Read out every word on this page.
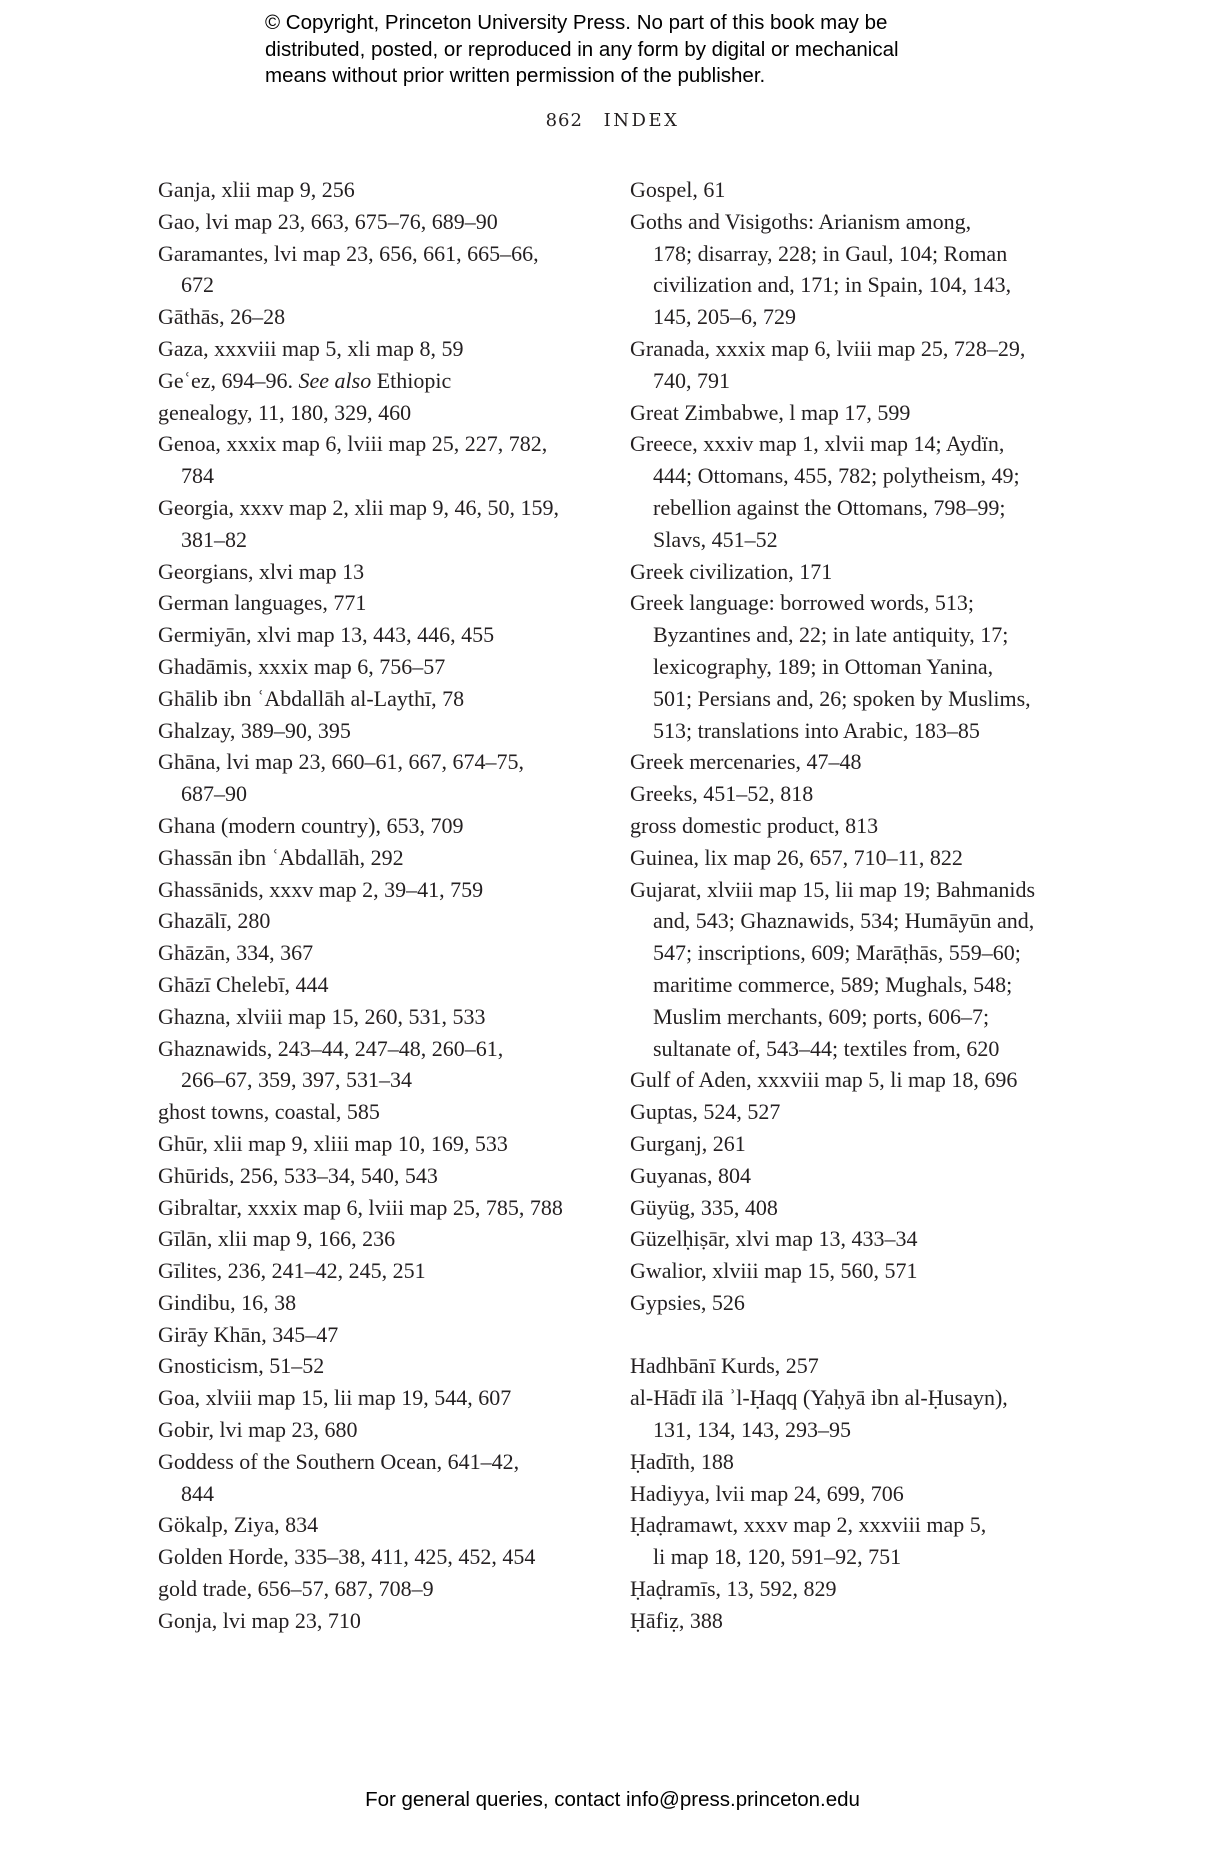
© Copyright, Princeton University Press. No part of this book may be
distributed, posted, or reproduced in any form by digital or mechanical
means without prior written permission of the publisher.
862 INDEX
Ganja, xlii map 9, 256
Gao, lvi map 23, 663, 675–76, 689–90
Garamantes, lvi map 23, 656, 661, 665–66,
672
Gāthās, 26–28
Gaza, xxxviii map 5, xli map 8, 59
Geʿez, 694–96. See also Ethiopic
genealogy, 11, 180, 329, 460
Genoa, xxxix map 6, lviii map 25, 227, 782,
784
Georgia, xxxv map 2, xlii map 9, 46, 50, 159,
381–82
Georgians, xlvi map 13
German languages, 771
Germiyān, xlvi map 13, 443, 446, 455
Ghadāmis, xxxix map 6, 756–57
Ghālib ibn ʿAbdallāh al-Laythī, 78
Ghalzay, 389–90, 395
Ghāna, lvi map 23, 660–61, 667, 674–75,
687–90
Ghana (modern country), 653, 709
Ghassān ibn ʿAbdallāh, 292
Ghassānids, xxxv map 2, 39–41, 759
Ghazālī, 280
Ghāzān, 334, 367
Ghāzī Chelebī, 444
Ghazna, xlviii map 15, 260, 531, 533
Ghaznawids, 243–44, 247–48, 260–61,
266–67, 359, 397, 531–34
ghost towns, coastal, 585
Ghūr, xlii map 9, xliii map 10, 169, 533
Ghūrids, 256, 533–34, 540, 543
Gibraltar, xxxix map 6, lviii map 25, 785, 788
Gīlān, xlii map 9, 166, 236
Gīlites, 236, 241–42, 245, 251
Gindibu, 16, 38
Girāy Khān, 345–47
Gnosticism, 51–52
Goa, xlviii map 15, lii map 19, 544, 607
Gobir, lvi map 23, 680
Goddess of the Southern Ocean, 641–42,
844
Gökalp, Ziya, 834
Golden Horde, 335–38, 411, 425, 452, 454
gold trade, 656–57, 687, 708–9
Gonja, lvi map 23, 710
Gospel, 61
Goths and Visigoths: Arianism among,
178; disarray, 228; in Gaul, 104; Roman
civilization and, 171; in Spain, 104, 143,
145, 205–6, 729
Granada, xxxix map 6, lviii map 25, 728–29,
740, 791
Great Zimbabwe, l map 17, 599
Greece, xxxiv map 1, xlvii map 14; Aydïn,
444; Ottomans, 455, 782; polytheism, 49;
rebellion against the Ottomans, 798–99;
Slavs, 451–52
Greek civilization, 171
Greek language: borrowed words, 513;
Byzantines and, 22; in late antiquity, 17;
lexicography, 189; in Ottoman Yanina,
501; Persians and, 26; spoken by Muslims,
513; translations into Arabic, 183–85
Greek mercenaries, 47–48
Greeks, 451–52, 818
gross domestic product, 813
Guinea, lix map 26, 657, 710–11, 822
Gujarat, xlviii map 15, lii map 19; Bahmanids
and, 543; Ghaznawids, 534; Humāyūn and,
547; inscriptions, 609; Marāṭhās, 559–60;
maritime commerce, 589; Mughals, 548;
Muslim merchants, 609; ports, 606–7;
sultanate of, 543–44; textiles from, 620
Gulf of Aden, xxxviii map 5, li map 18, 696
Guptas, 524, 527
Gurganj, 261
Guyanas, 804
Güyüg, 335, 408
Güzelḥiṣār, xlvi map 13, 433–34
Gwalior, xlviii map 15, 560, 571
Gypsies, 526
Hadhbānī Kurds, 257
al-Hādī ilā ʾl-Ḥaqq (Yaḥyā ibn al-Ḥusayn),
131, 134, 143, 293–95
Ḥadīth, 188
Hadiyya, lvii map 24, 699, 706
Ḥaḍramawt, xxxv map 2, xxxviii map 5,
li map 18, 120, 591–92, 751
Ḥaḍramīs, 13, 592, 829
Ḥāfiẓ, 388
For general queries, contact info@press.princeton.edu
